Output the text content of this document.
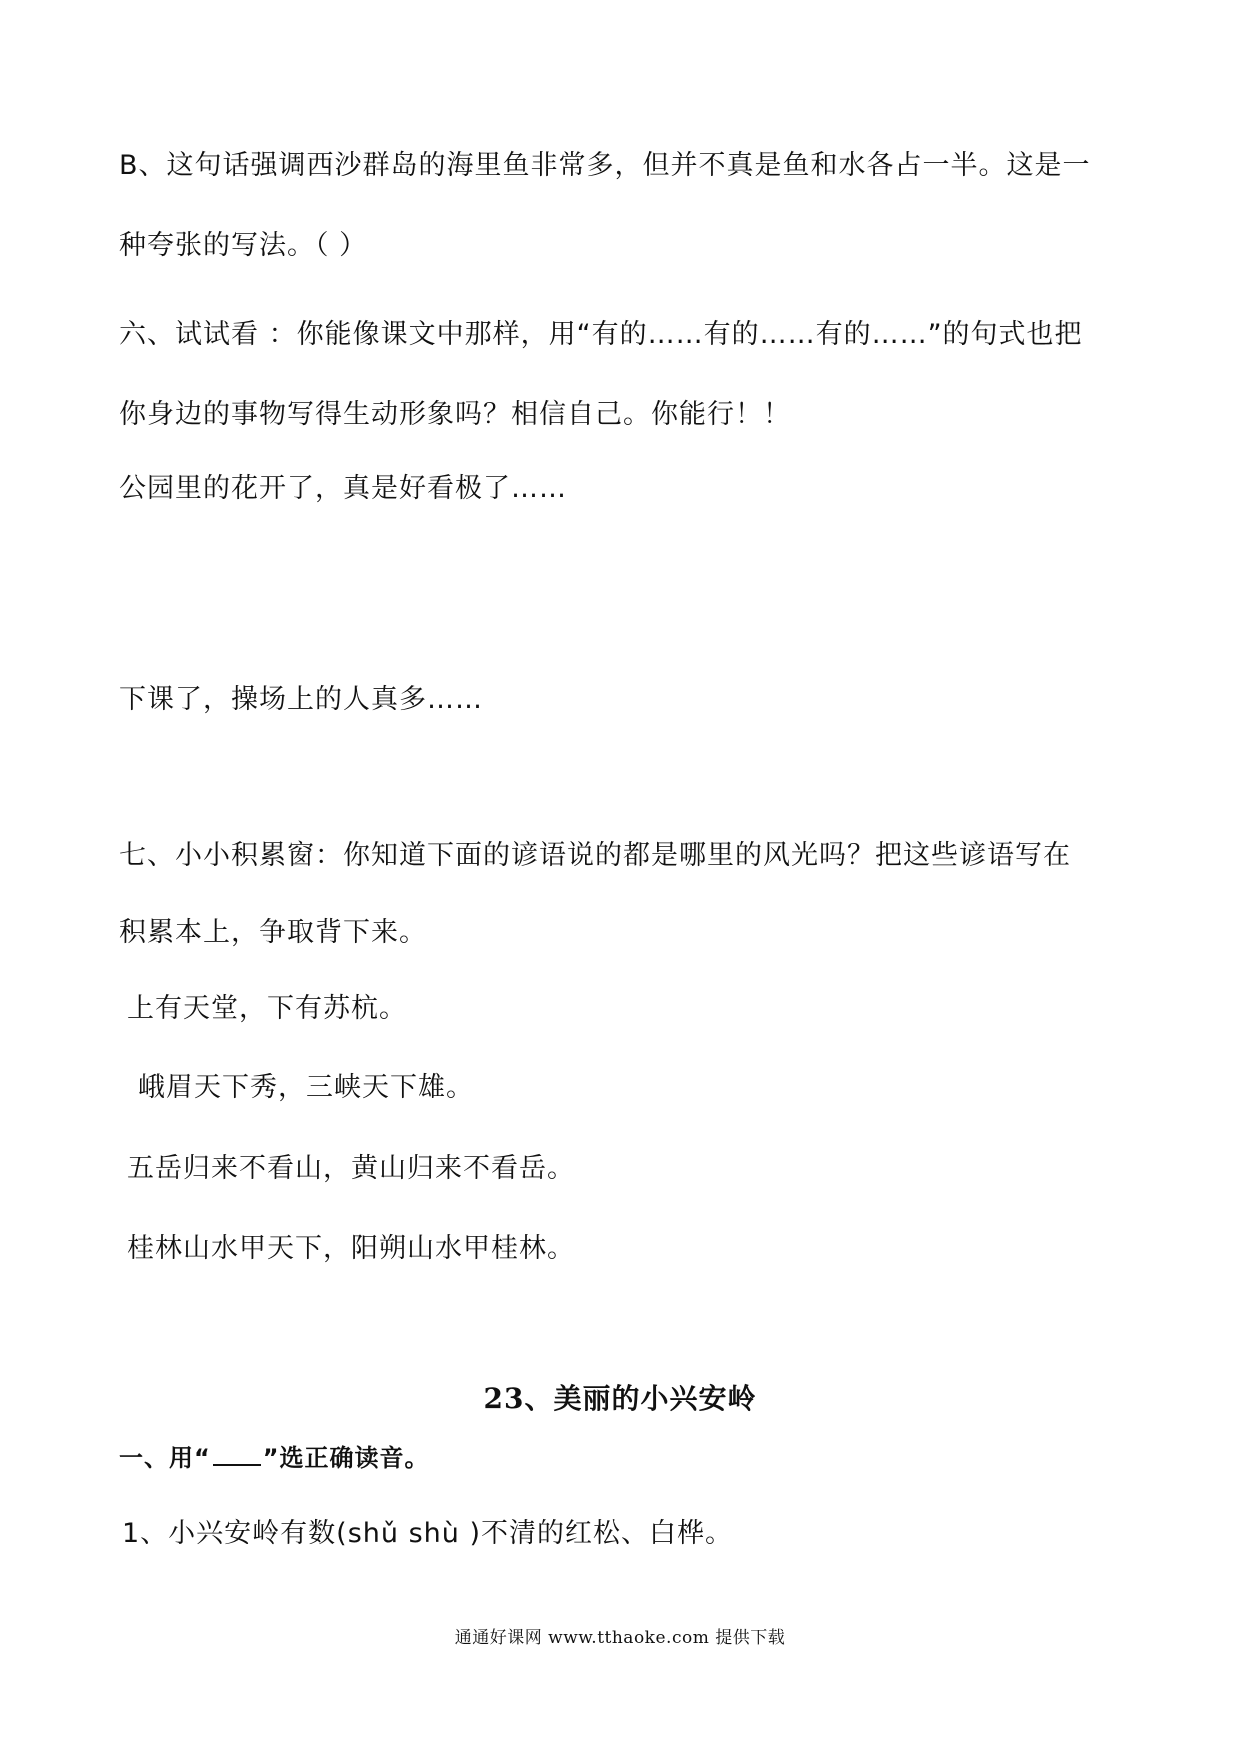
B、这句话强调西沙群岛的海里鱼非常多，但并不真是鱼和水各占一半。这是一
种夸张的写法。（ ）
六、试试看 ：你能像课文中那样，用“有的……有的……有的……”的句式也把
你身边的事物写得生动形象吗？相信自己。你能行！！
公园里的花开了，真是好看极了……
下课了，操场上的人真多……
七、小小积累窗：你知道下面的谚语说的都是哪里的风光吗？把这些谚语写在
积累本上，争取背下来。
上有天堂，下有苏杭。
峨眉天下秀，三峡天下雄。
五岳归来不看山，黄山归来不看岳。
桂林山水甲天下，阳朔山水甲桂林。
23、美丽的小兴安岭
一、用“ ”选正确读音。
1、小兴安岭有数(shǔ shù )不清的红松、白桦。
通通好课网 www.tthaoke.com 提供下载
